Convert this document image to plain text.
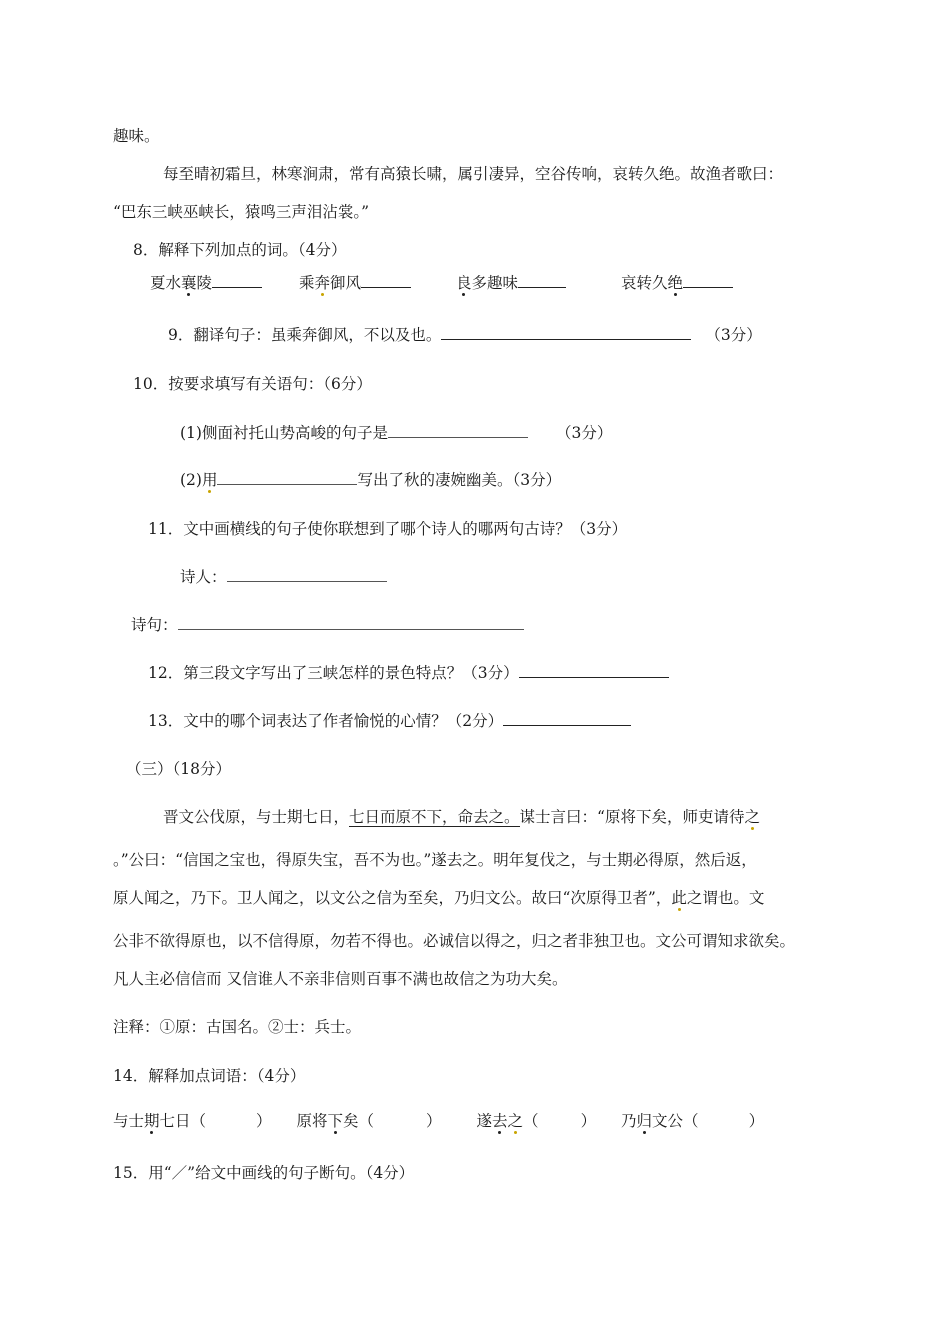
趣味。
每至晴初霜旦，林寒涧肃，常有高猿长啸，属引凄异，空谷传响，哀转久绝。故渔者歌曰：
“巴东三峡巫峡长，猿鸣三声泪沾裳。”
8．解释下列加点的词。（4分）
夏水襄陵	乘奔御风	良多趣味	哀转久绝
9．翻译句子：虽乘奔御风，不以及也。	（3分）
10．按要求填写有关语句：（6分）
(1)侧面衬托山势高峻的句子是	（3分）
(2)用	写出了秋的凄婉幽美。（3分）
11．文中画横线的句子使你联想到了哪个诗人的哪两句古诗？（3分）
诗人：
诗句：
12．第三段文字写出了三峡怎样的景色特点？（3分）
13．文中的哪个词表达了作者愉悦的心情？（2分）
（三）（18分）
晋文公伐原，与士期七日，七日而原不下，命去之。谋士言曰：“原将下矣，师吏请待之
。”公曰：“信国之宝也，得原失宝，吾不为也。”遂去之。明年复伐之，与士期必得原，然后返，
原人闻之，乃下。卫人闻之，以文公之信为至矣，乃归文公。故曰“次原得卫者”，此之谓也。文
公非不欲得原也，以不信得原，勿若不得也。必诚信以得之，归之者非独卫也。文公可谓知求欲矣。
凡人主必信信而 又信谁人不亲非信则百事不满也故信之为功大矣。
注释：①原：古国名。②士：兵士。
14．解释加点词语：（4分）
与士期七日（	） 原将下矣（	） 遂去之（	） 乃归文公（	）
15．用“／”给文中画线的句子断句。（4分）
